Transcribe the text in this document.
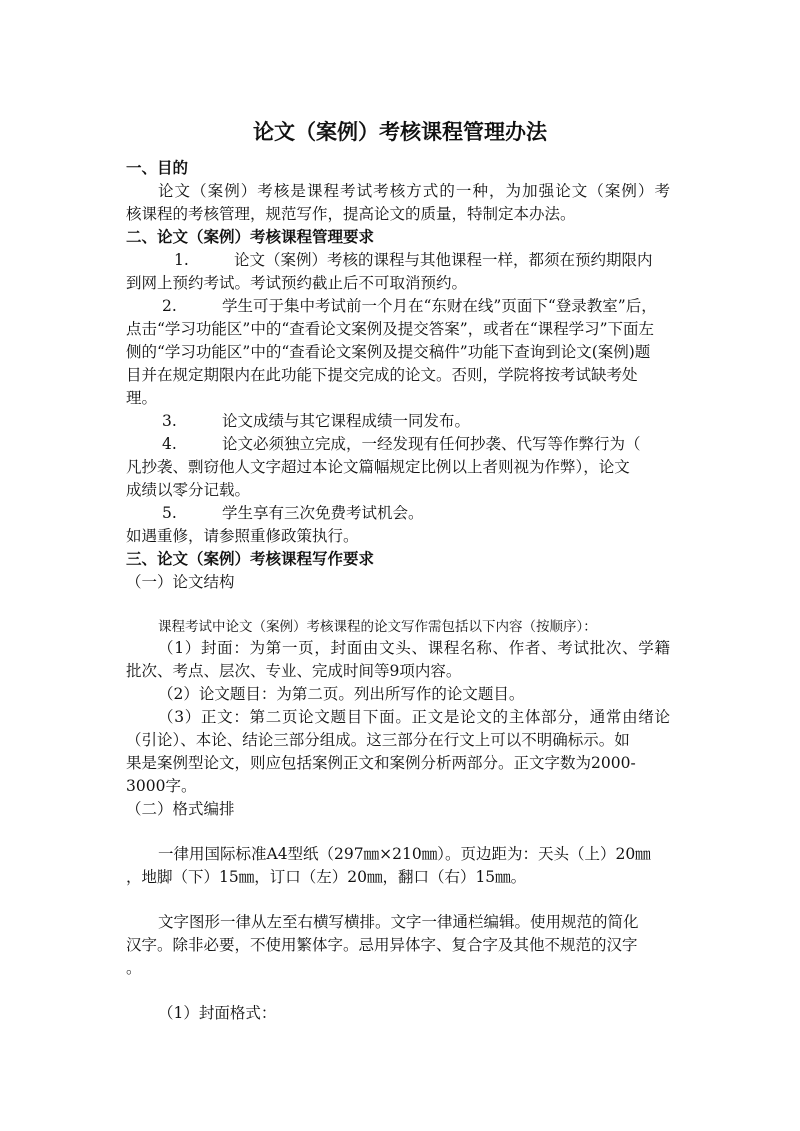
论文（案例）考核课程管理办法
一、目的
论文（案例）考核是课程考试考核方式的一种，为加强论文（案例）考
核课程的考核管理，规范写作，提高论文的质量，特制定本办法。
二、论文（案例）考核课程管理要求
1.	论文（案例）考核的课程与其他课程一样，都须在预约期限内
到网上预约考试。考试预约截止后不可取消预约。
2.	学生可于集中考试前一个月在“东财在线”页面下“登录教室”后，
点击“学习功能区”中的“查看论文案例及提交答案”，或者在“课程学习”下面左
侧的“学习功能区”中的“查看论文案例及提交稿件”功能下查询到论文(案例)题
目并在规定期限内在此功能下提交完成的论文。否则，学院将按考试缺考处
理。
3.	论文成绩与其它课程成绩一同发布。
4.	论文必须独立完成，一经发现有任何抄袭、代写等作弊行为（
凡抄袭、剽窃他人文字超过本论文篇幅规定比例以上者则视为作弊），论文
成绩以零分记载。
5.	学生享有三次免费考试机会。
如遇重修，请参照重修政策执行。
三、论文（案例）考核课程写作要求
（一）论文结构
课程考试中论文（案例）考核课程的论文写作需包括以下内容（按顺序）：
（1）封面：为第一页，封面由文头、课程名称、作者、考试批次、学籍
批次、考点、层次、专业、完成时间等9项内容。
（2）论文题目：为第二页。列出所写作的论文题目。
（3）正文：第二页论文题目下面。正文是论文的主体部分，通常由绪论
（引论）、本论、结论三部分组成。这三部分在行文上可以不明确标示。如
果是案例型论文，则应包括案例正文和案例分析两部分。正文字数为2000-
3000字。
（二）格式编排
一律用国际标准A4型纸（297㎜×210㎜）。页边距为：天头（上）20㎜
，地脚（下）15㎜，订口（左）20㎜，翻口（右）15㎜。
文字图形一律从左至右横写横排。文字一律通栏编辑。使用规范的简化
汉字。除非必要，不使用繁体字。忌用异体字、复合字及其他不规范的汉字
。
（1）封面格式：
